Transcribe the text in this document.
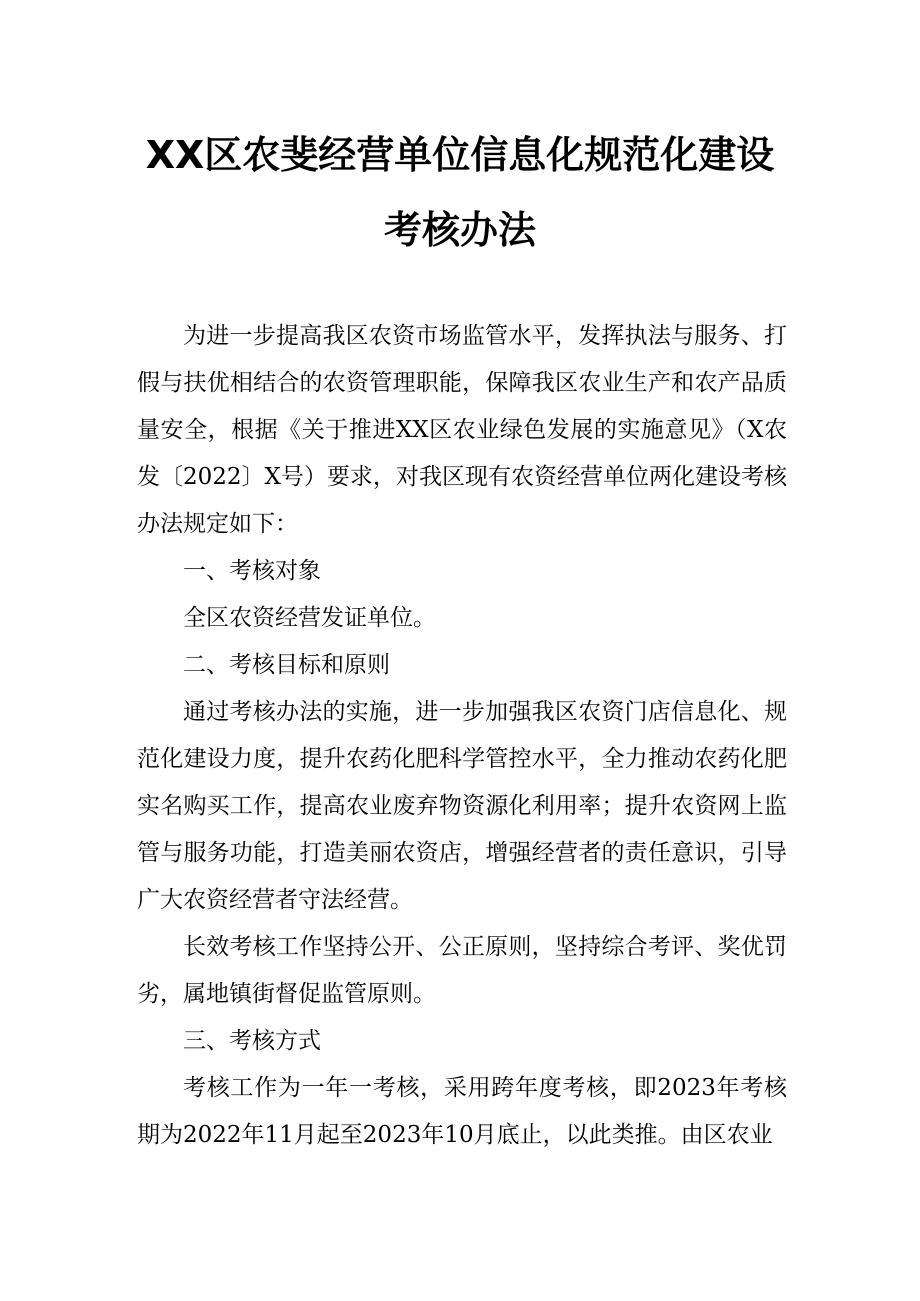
XX区农斐经营单位信息化规范化建设
考核办法

为进一步提高我区农资市场监管水平，发挥执法与服务、打假与扶优相结合的农资管理职能，保障我区农业生产和农产品质量安全，根据《关于推进XX区农业绿色发展的实施意见》（X农发〔2022〕X号）要求，对我区现有农资经营单位两化建设考核办法规定如下：

一、考核对象

全区农资经营发证单位。

二、考核目标和原则

通过考核办法的实施，进一步加强我区农资门店信息化、规范化建设力度，提升农药化肥科学管控水平，全力推动农药化肥实名购买工作，提高农业废弃物资源化利用率；提升农资网上监管与服务功能，打造美丽农资店，增强经营者的责任意识，引导广大农资经营者守法经营。

长效考核工作坚持公开、公正原则，坚持综合考评、奖优罚劣，属地镇街督促监管原则。

三、考核方式

考核工作为一年一考核，采用跨年度考核，即2023年考核期为2022年11月起至2023年10月底止，以此类推。由区农业
